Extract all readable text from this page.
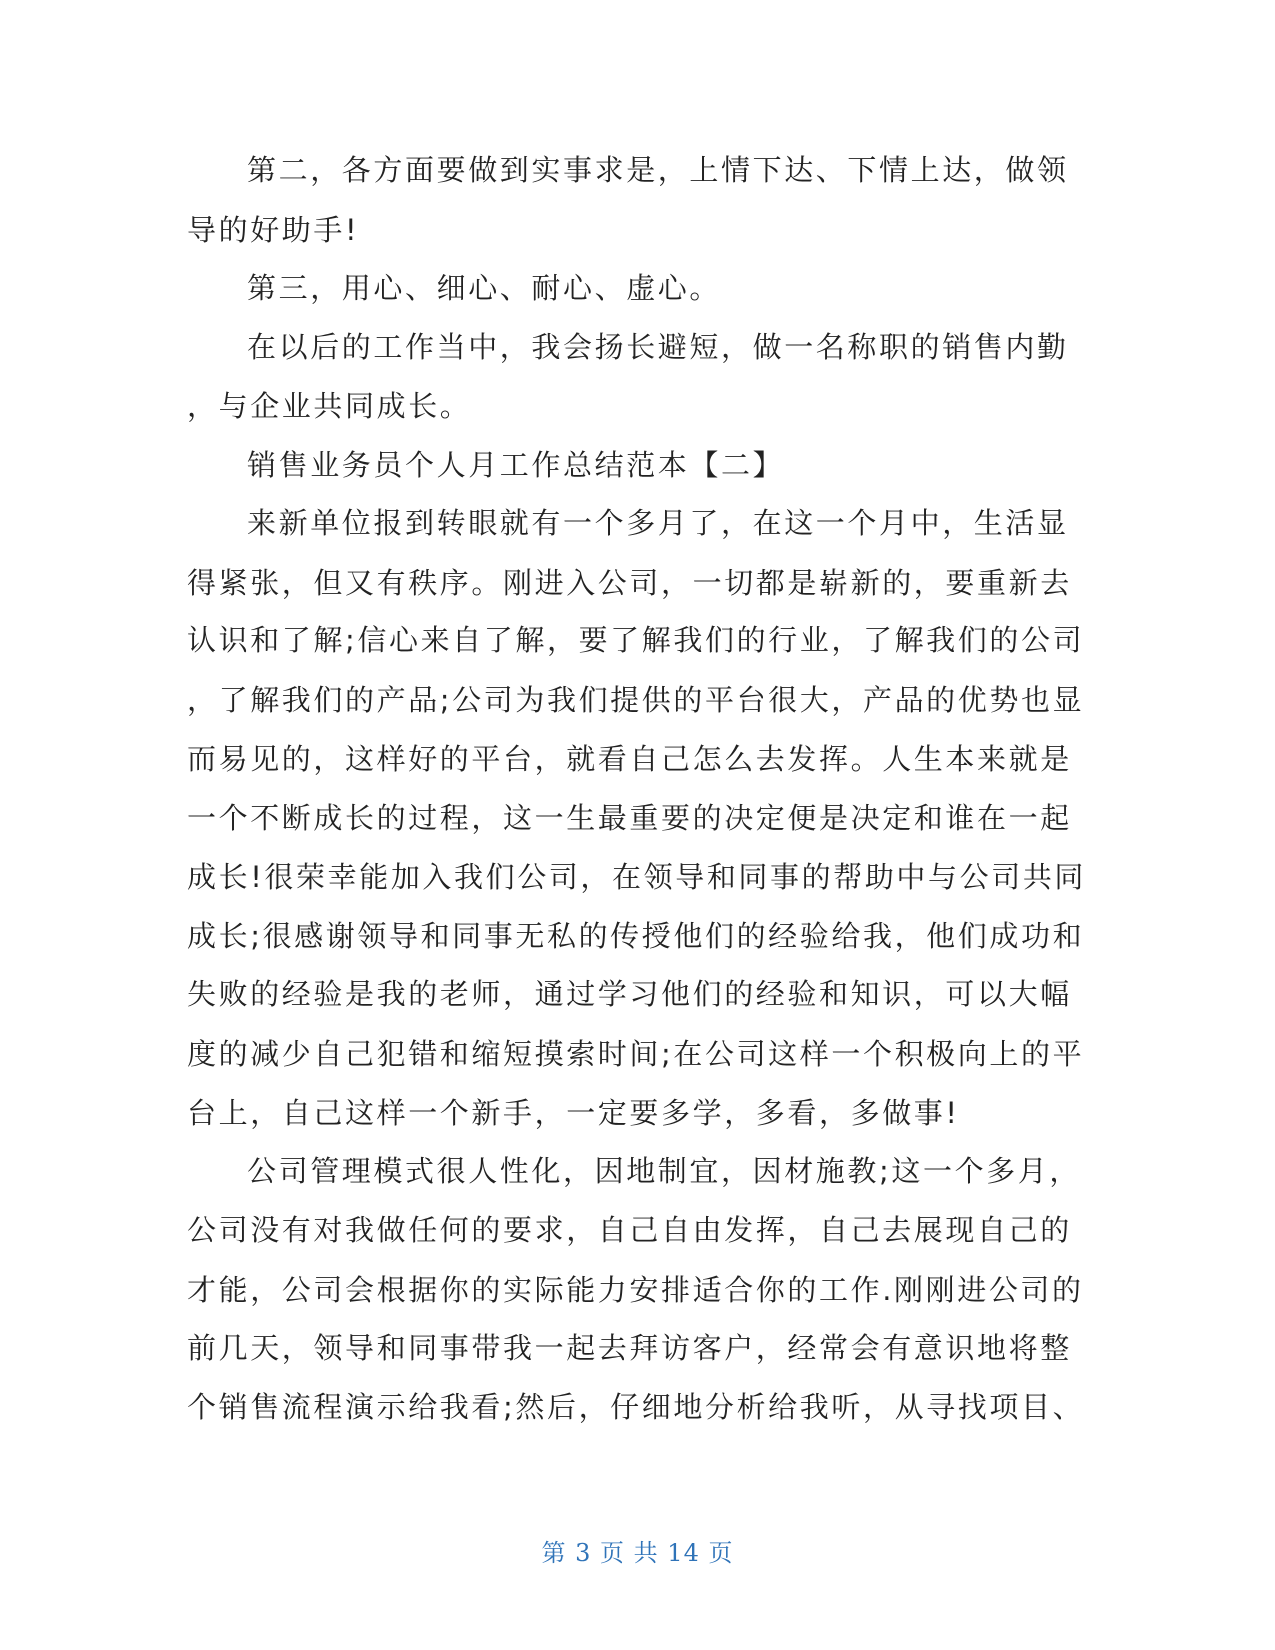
第二，各方面要做到实事求是，上情下达、下情上达，做领
导的好助手!
第三，用心、细心、耐心、虚心。
在以后的工作当中，我会扬长避短，做一名称职的销售内勤
，与企业共同成长。
销售业务员个人月工作总结范本【二】
来新单位报到转眼就有一个多月了，在这一个月中，生活显
得紧张，但又有秩序。刚进入公司，一切都是崭新的，要重新去
认识和了解;信心来自了解，要了解我们的行业，了解我们的公司
，了解我们的产品;公司为我们提供的平台很大，产品的优势也显
而易见的，这样好的平台，就看自己怎么去发挥。人生本来就是
一个不断成长的过程，这一生最重要的决定便是决定和谁在一起
成长!很荣幸能加入我们公司，在领导和同事的帮助中与公司共同
成长;很感谢领导和同事无私的传授他们的经验给我，他们成功和
失败的经验是我的老师，通过学习他们的经验和知识，可以大幅
度的减少自己犯错和缩短摸索时间;在公司这样一个积极向上的平
台上，自己这样一个新手，一定要多学，多看，多做事!
公司管理模式很人性化，因地制宜，因材施教;这一个多月，
公司没有对我做任何的要求，自己自由发挥，自己去展现自己的
才能，公司会根据你的实际能力安排适合你的工作.刚刚进公司的
前几天，领导和同事带我一起去拜访客户，经常会有意识地将整
个销售流程演示给我看;然后，仔细地分析给我听，从寻找项目、
第 3 页 共 14 页
